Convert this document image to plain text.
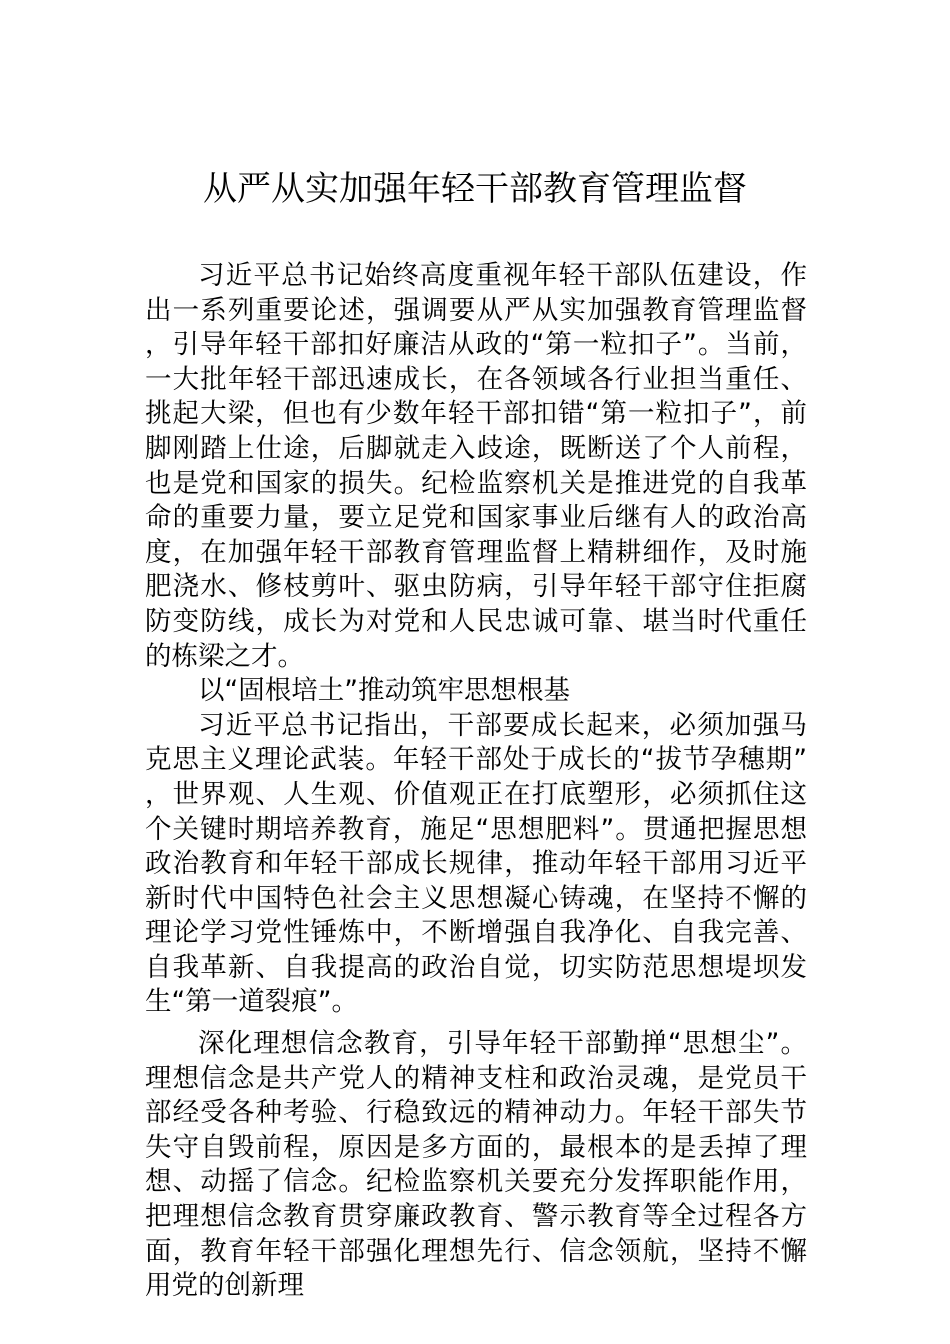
从严从实加强年轻干部教育管理监督

习近平总书记始终高度重视年轻干部队伍建设，作出一系列重要论述，强调要从严从实加强教育管理监督，引导年轻干部扣好廉洁从政的“第一粒扣子”。当前，一大批年轻干部迅速成长，在各领域各行业担当重任、挑起大梁，但也有少数年轻干部扣错“第一粒扣子”，前脚刚踏上仕途，后脚就走入歧途，既断送了个人前程，也是党和国家的损失。纪检监察机关是推进党的自我革命的重要力量，要立足党和国家事业后继有人的政治高度，在加强年轻干部教育管理监督上精耕细作，及时施肥浇水、修枝剪叶、驱虫防病，引导年轻干部守住拒腐防变防线，成长为对党和人民忠诚可靠、堪当时代重任的栋梁之才。

以“固根培土”推动筑牢思想根基

习近平总书记指出，干部要成长起来，必须加强马克思主义理论武装。年轻干部处于成长的“拔节孕穗期”，世界观、人生观、价值观正在打底塑形，必须抓住这个关键时期培养教育，施足“思想肥料”。贯通把握思想政治教育和年轻干部成长规律，推动年轻干部用习近平新时代中国特色社会主义思想凝心铸魂，在坚持不懈的理论学习党性锤炼中，不断增强自我净化、自我完善、自我革新、自我提高的政治自觉，切实防范思想堤坝发生“第一道裂痕”。

深化理想信念教育，引导年轻干部勤掸“思想尘”。理想信念是共产党人的精神支柱和政治灵魂，是党员干部经受各种考验、行稳致远的精神动力。年轻干部失节失守自毁前程，原因是多方面的，最根本的是丢掉了理想、动摇了信念。纪检监察机关要充分发挥职能作用，把理想信念教育贯穿廉政教育、警示教育等全过程各方面，教育年轻干部强化理想先行、信念领航，坚持不懈用党的创新理
